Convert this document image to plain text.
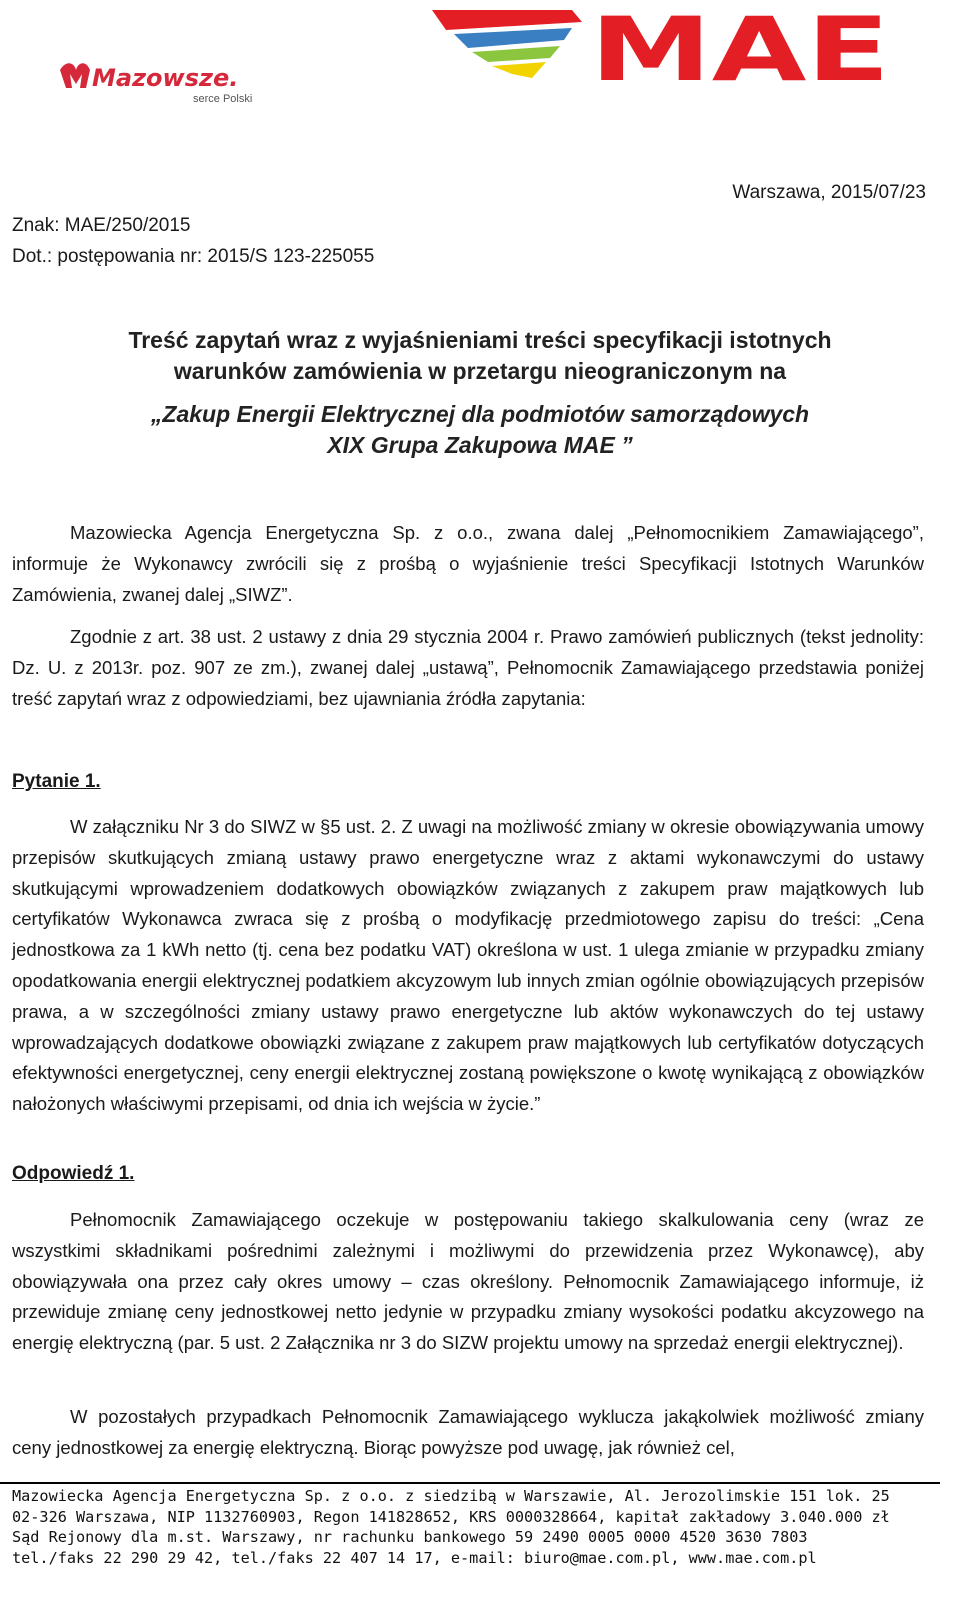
Mazowsze.
serce Polski	MAE
Warszawa, 2015/07/23
Znak: MAE/250/2015
Dot.: postępowania nr: 2015/S 123-225055
Treść zapytań wraz z wyjaśnieniami treści specyfikacji istotnych
warunków zamówienia w przetargu nieograniczonym na
„Zakup Energii Elektrycznej dla podmiotów samorządowych
XIX Grupa Zakupowa MAE ”
Mazowiecka Agencja Energetyczna Sp. z o.o., zwana dalej „Pełnomocnikiem Zamawiającego”, informuje że Wykonawcy zwrócili się z prośbą o wyjaśnienie treści Specyfikacji Istotnych Warunków Zamówienia, zwanej dalej „SIWZ”.
Zgodnie z art. 38 ust. 2 ustawy z dnia 29 stycznia 2004 r. Prawo zamówień publicznych (tekst jednolity: Dz. U. z 2013r. poz. 907 ze zm.), zwanej dalej „ustawą”, Pełnomocnik Zamawiającego przedstawia poniżej treść zapytań wraz z odpowiedziami, bez ujawniania źródła zapytania:
Pytanie 1.
W załączniku Nr 3 do SIWZ w §5 ust. 2. Z uwagi na możliwość zmiany w okresie obowiązywania umowy przepisów skutkujących zmianą ustawy prawo energetyczne wraz z aktami wykonawczymi do ustawy skutkującymi wprowadzeniem dodatkowych obowiązków związanych z zakupem praw majątkowych lub certyfikatów Wykonawca zwraca się z prośbą o modyfikację przedmiotowego zapisu do treści: „Cena jednostkowa za 1 kWh netto (tj. cena bez podatku VAT) określona w ust. 1 ulega zmianie w przypadku zmiany opodatkowania energii elektrycznej podatkiem akcyzowym lub innych zmian ogólnie obowiązujących przepisów prawa, a w szczególności zmiany ustawy prawo energetyczne lub aktów wykonawczych do tej ustawy wprowadzających dodatkowe obowiązki związane z zakupem praw majątkowych lub certyfikatów dotyczących efektywności energetycznej, ceny energii elektrycznej zostaną powiększone o kwotę wynikającą z obowiązków nałożonych właściwymi przepisami, od dnia ich wejścia w życie.”
Odpowiedź 1.
Pełnomocnik Zamawiającego oczekuje w postępowaniu takiego skalkulowania ceny (wraz ze wszystkimi składnikami pośrednimi zależnymi i możliwymi do przewidzenia przez Wykonawcę), aby obowiązywała ona przez cały okres umowy – czas określony. Pełnomocnik Zamawiającego informuje, iż przewiduje zmianę ceny jednostkowej netto jedynie w przypadku zmiany wysokości podatku akcyzowego na energię elektryczną (par. 5 ust. 2 Załącznika nr 3 do SIZW projektu umowy na sprzedaż energii elektrycznej).
W pozostałych przypadkach Pełnomocnik Zamawiającego wyklucza jakąkolwiek możliwość zmiany ceny jednostkowej za energię elektryczną. Biorąc powyższe pod uwagę, jak również cel,
Mazowiecka Agencja Energetyczna Sp. z o.o. z siedzibą w Warszawie, Al. Jerozolimskie 151 lok. 25
02-326 Warszawa, NIP 1132760903, Regon 141828652, KRS 0000328664, kapitał zakładowy 3.040.000 zł
Sąd Rejonowy dla m.st. Warszawy, nr rachunku bankowego 59 2490 0005 0000 4520 3630 7803
tel./faks 22 290 29 42, tel./faks 22 407 14 17, e-mail: biuro@mae.com.pl, www.mae.com.pl
